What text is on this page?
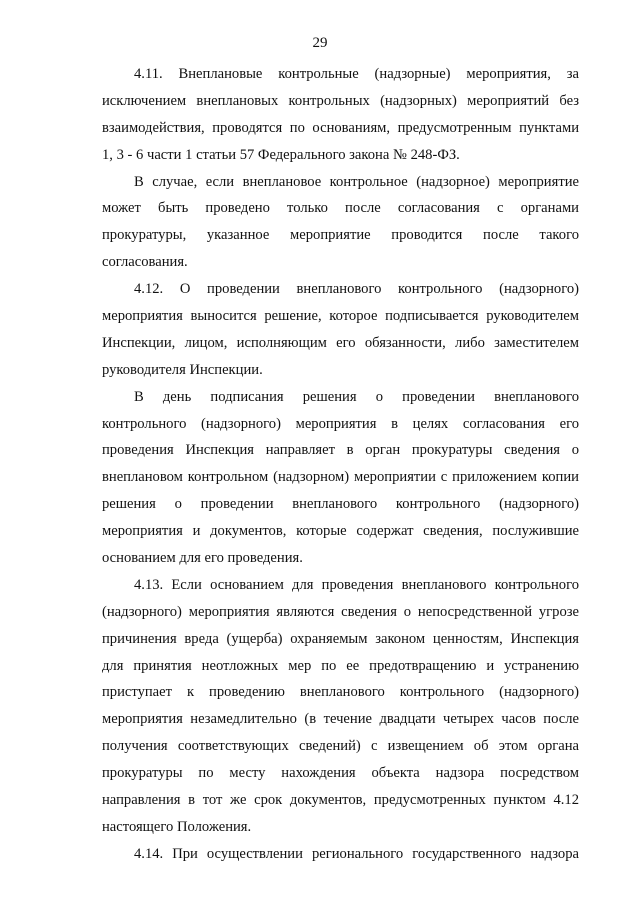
29
4.11. Внеплановые контрольные (надзорные) мероприятия, за
исключением внеплановых контрольных (надзорных) мероприятий без
взаимодействия, проводятся по основаниям, предусмотренным пунктами
1, 3 - 6 части 1 статьи 57 Федерального закона № 248-ФЗ.
В случае, если внеплановое контрольное (надзорное) мероприятие
может быть проведено только после согласования с органами
прокуратуры, указанное мероприятие проводится после такого
согласования.
4.12. О проведении внепланового контрольного (надзорного)
мероприятия выносится решение, которое подписывается руководителем
Инспекции, лицом, исполняющим его обязанности, либо заместителем
руководителя Инспекции.
В день подписания решения о проведении внепланового
контрольного (надзорного) мероприятия в целях согласования его
проведения Инспекция направляет в орган прокуратуры сведения о
внеплановом контрольном (надзорном) мероприятии с приложением копии
решения о проведении внепланового контрольного (надзорного)
мероприятия и документов, которые содержат сведения, послужившие
основанием для его проведения.
4.13. Если основанием для проведения внепланового контрольного
(надзорного) мероприятия являются сведения о непосредственной угрозе
причинения вреда (ущерба) охраняемым законом ценностям, Инспекция
для принятия неотложных мер по ее предотвращению и устранению
приступает к проведению внепланового контрольного (надзорного)
мероприятия незамедлительно (в течение двадцати четырех часов после
получения соответствующих сведений) с извещением об этом органа
прокуратуры по месту нахождения объекта надзора посредством
направления в тот же срок документов, предусмотренных пунктом 4.12
настоящего Положения.
4.14. При осуществлении регионального государственного надзора
